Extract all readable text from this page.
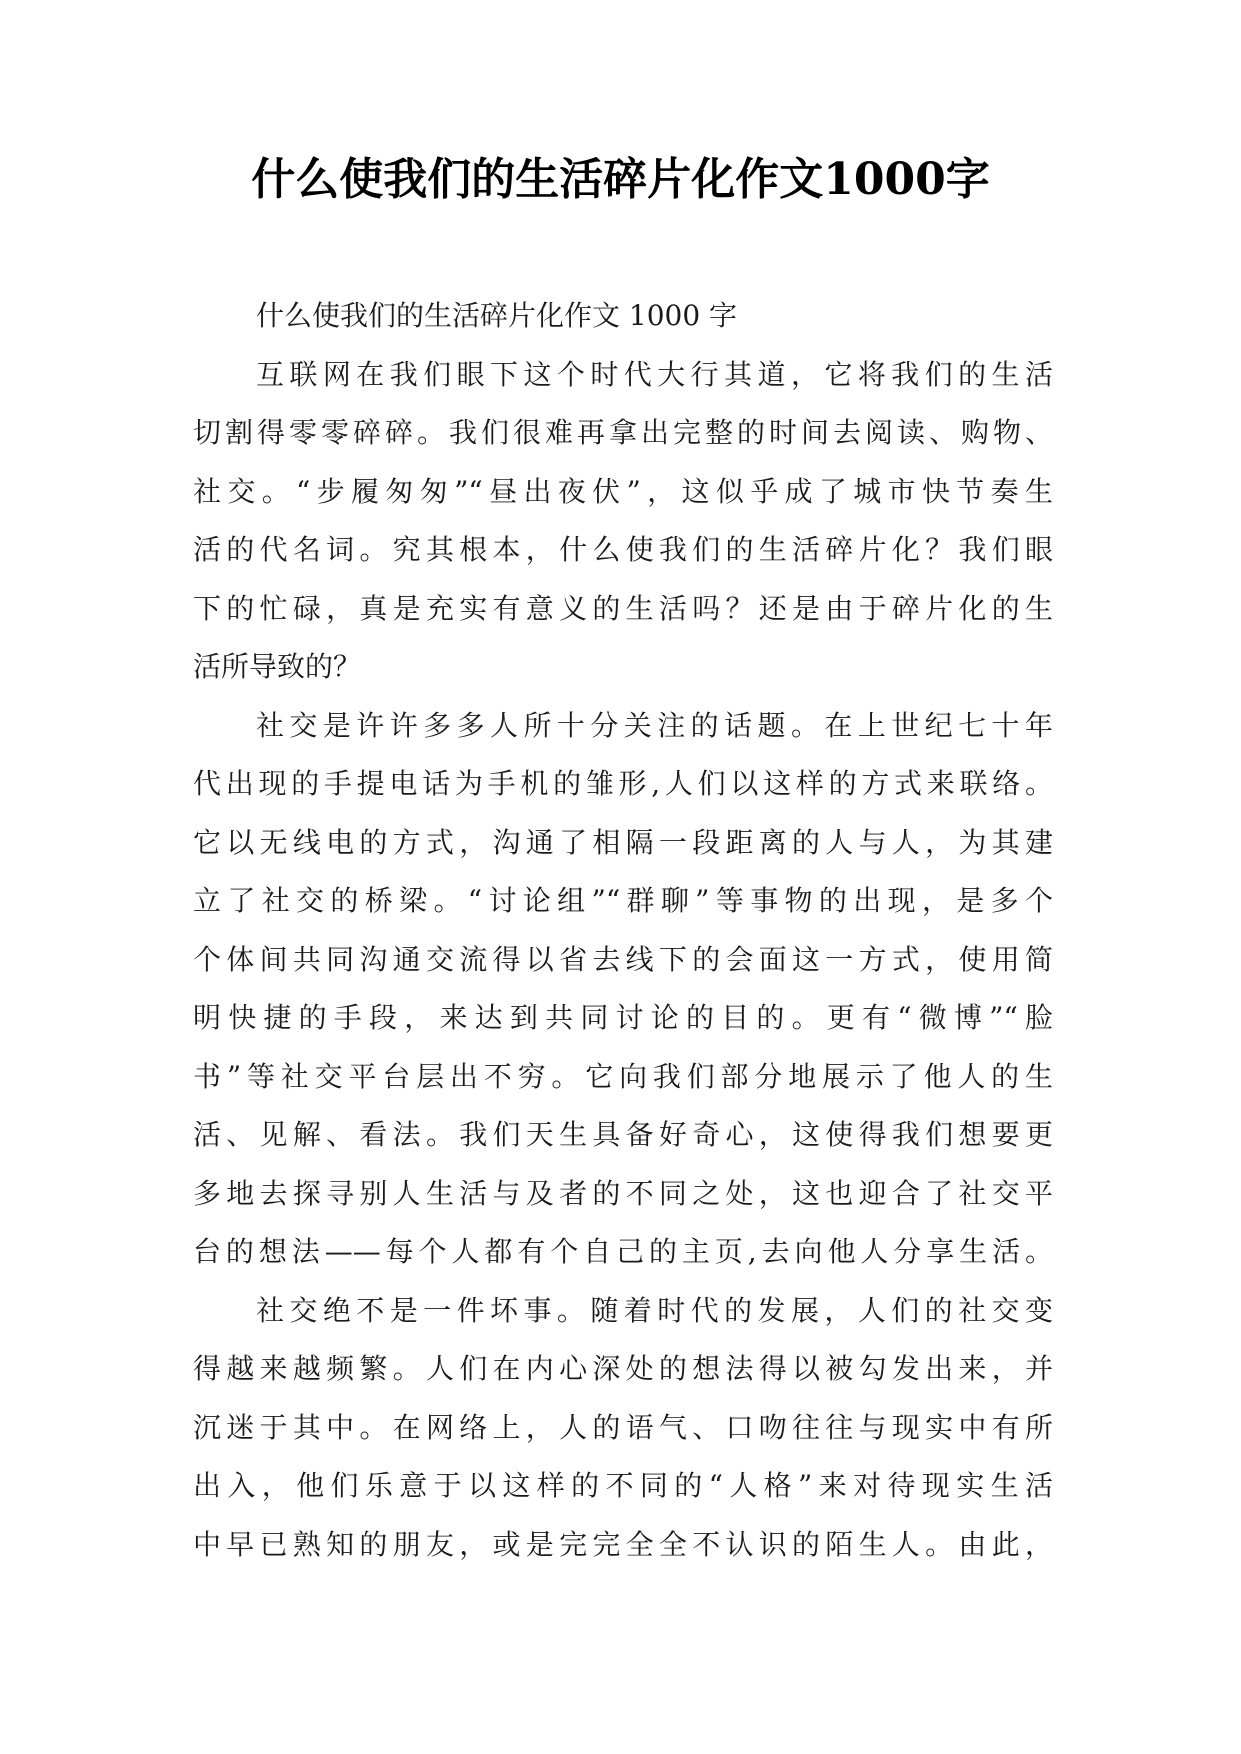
什么使我们的生活碎片化作文1000字
什么使我们的生活碎片化作文 1000 字
互联网在我们眼下这个时代大行其道，它将我们的生活
切割得零零碎碎。我们很难再拿出完整的时间去阅读、购物、
社交。“步履匆匆”“昼出夜伏”，这似乎成了城市快节奏生
活的代名词。究其根本，什么使我们的生活碎片化？我们眼
下的忙碌，真是充实有意义的生活吗？还是由于碎片化的生
活所导致的？
社交是许许多多人所十分关注的话题。在上世纪七十年
代出现的手提电话为手机的雏形,人们以这样的方式来联络。
它以无线电的方式，沟通了相隔一段距离的人与人，为其建
立了社交的桥梁。“讨论组”“群聊”等事物的出现，是多个
个体间共同沟通交流得以省去线下的会面这一方式，使用简
明快捷的手段，来达到共同讨论的目的。更有“微博”“脸
书”等社交平台层出不穷。它向我们部分地展示了他人的生
活、见解、看法。我们天生具备好奇心，这使得我们想要更
多地去探寻别人生活与及者的不同之处，这也迎合了社交平
台的想法——每个人都有个自己的主页,去向他人分享生活。
社交绝不是一件坏事。随着时代的发展，人们的社交变
得越来越频繁。人们在内心深处的想法得以被勾发出来，并
沉迷于其中。在网络上，人的语气、口吻往往与现实中有所
出入，他们乐意于以这样的不同的“人格”来对待现实生活
中早已熟知的朋友，或是完完全全不认识的陌生人。由此，
